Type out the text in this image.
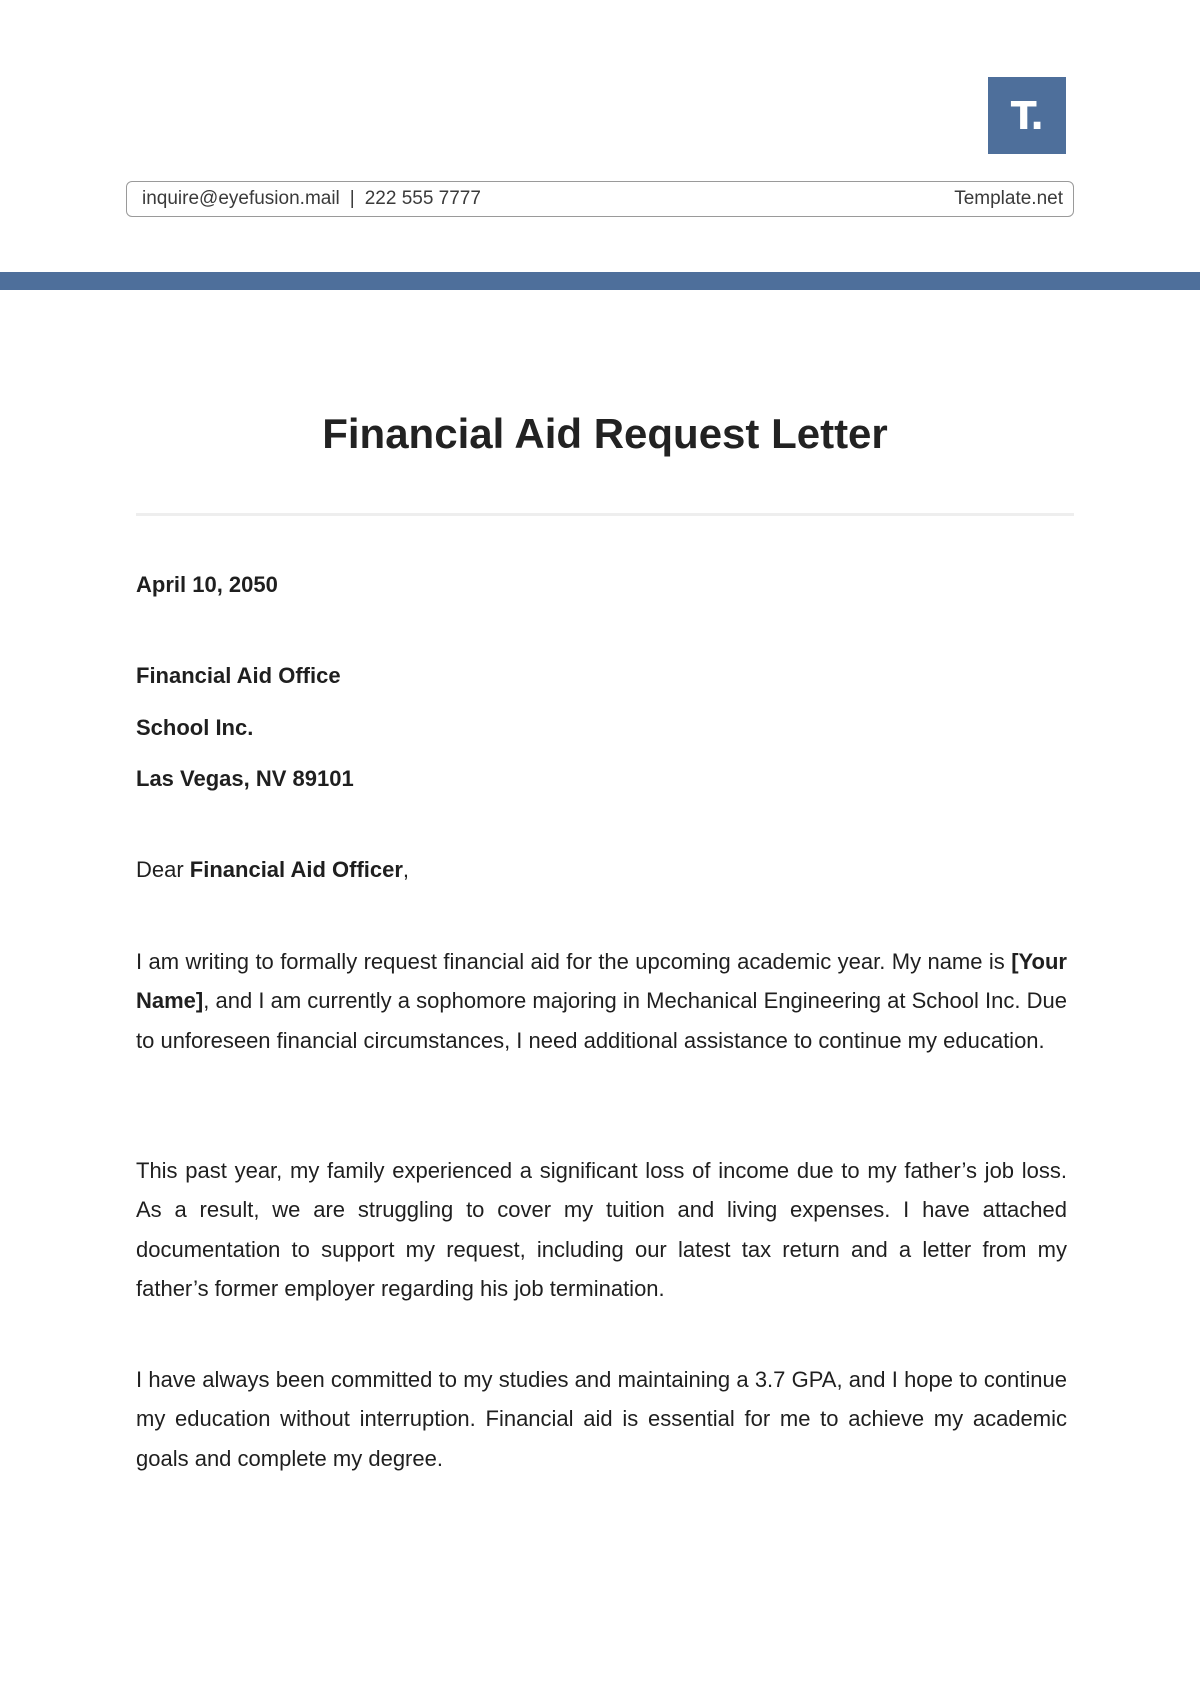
T.
inquire@eyefusion.mail | 222 555 7777	Template.net
Financial Aid Request Letter

April 10, 2050

Financial Aid Office

School Inc.

Las Vegas, NV 89101

Dear Financial Aid Officer,

I am writing to formally request financial aid for the upcoming academic year. My name is [Your Name], and I am currently a sophomore majoring in Mechanical Engineering at School Inc. Due to unforeseen financial circumstances, I need additional assistance to continue my education.

This past year, my family experienced a significant loss of income due to my father’s job loss. As a result, we are struggling to cover my tuition and living expenses. I have attached documentation to support my request, including our latest tax return and a letter from my father’s former employer regarding his job termination.

I have always been committed to my studies and maintaining a 3.7 GPA, and I hope to continue my education without interruption. Financial aid is essential for me to achieve my academic goals and complete my degree.
